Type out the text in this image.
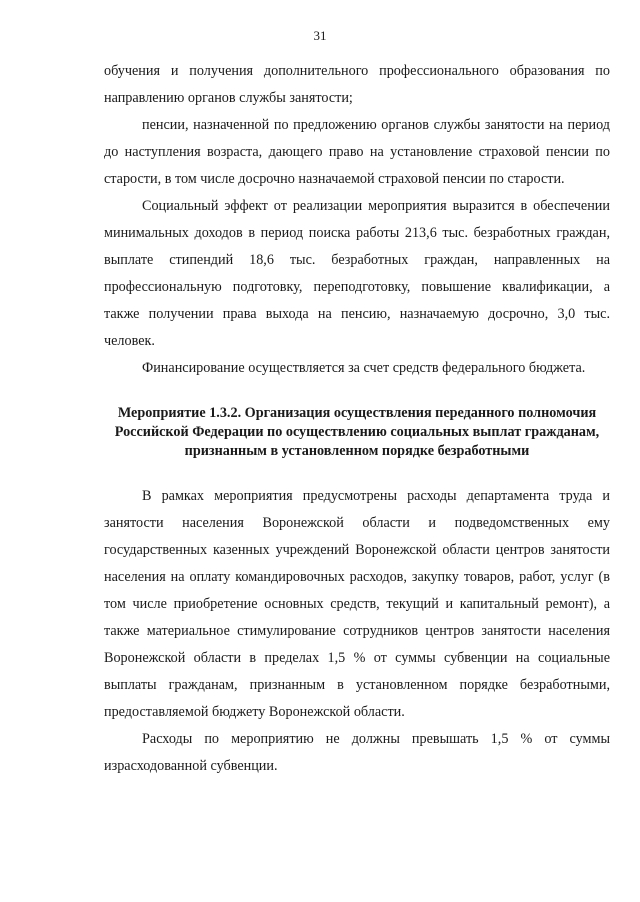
31

обучения и получения дополнительного профессионального образования по направлению органов службы занятости;

пенсии, назначенной по предложению органов службы занятости на период до наступления возраста, дающего право на установление страховой пенсии по старости, в том числе досрочно назначаемой страховой пенсии по старости.

Социальный эффект от реализации мероприятия выразится в обеспечении минимальных доходов в период поиска работы 213,6 тыс. безработных граждан, выплате стипендий 18,6 тыс. безработных граждан, направленных на профессиональную подготовку, переподготовку, повышение квалификации, а также получении права выхода на пенсию, назначаемую досрочно, 3,0 тыс. человек.

Финансирование осуществляется за счет средств федерального бюджета.

Мероприятие 1.3.2. Организация осуществления переданного полномочия Российской Федерации по осуществлению социальных выплат гражданам, признанным в установленном порядке безработными

В рамках мероприятия предусмотрены расходы департамента труда и занятости населения Воронежской области и подведомственных ему государственных казенных учреждений Воронежской области центров занятости населения на оплату командировочных расходов, закупку товаров, работ, услуг (в том числе приобретение основных средств, текущий и капитальный ремонт), а также материальное стимулирование сотрудников центров занятости населения Воронежской области в пределах 1,5 % от суммы субвенции на социальные выплаты гражданам, признанным в установленном порядке безработными, предоставляемой бюджету Воронежской области.

Расходы по мероприятию не должны превышать 1,5 % от суммы израсходованной субвенции.
